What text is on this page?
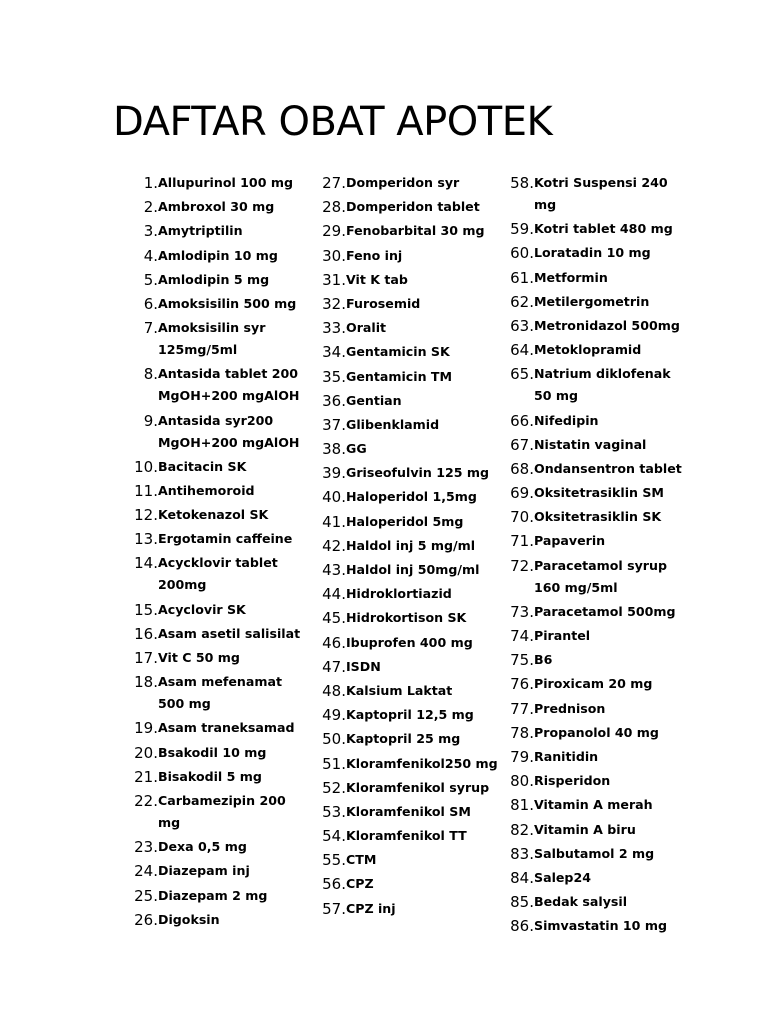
DAFTAR OBAT APOTEK
1. Allupurinol 100 mg
2. Ambroxol 30 mg
3. Amytriptilin
4. Amlodipin 10 mg
5. Amlodipin 5 mg
6. Amoksisilin 500 mg
7. Amoksisilin syr 125mg/5ml
8. Antasida tablet 200 MgOH+200 mgAlOH
9. Antasida syr200 MgOH+200 mgAlOH
10. Bacitacin SK
11. Antihemoroid
12. Ketokenazol SK
13. Ergotamin caffeine
14. Acycklovir tablet 200mg
15. Acyclovir SK
16. Asam asetil salisilat
17. Vit C 50 mg
18. Asam mefenamat 500 mg
19. Asam traneksamad
20. Bsakodil 10 mg
21. Bisakodil 5 mg
22. Carbamezipin 200 mg
23. Dexa 0,5 mg
24. Diazepam inj
25. Diazepam 2 mg
26. Digoksin
27. Domperidon syr
28. Domperidon tablet
29. Fenobarbital 30 mg
30. Feno inj
31. Vit K tab
32. Furosemid
33. Oralit
34. Gentamicin SK
35. Gentamicin TM
36. Gentian
37. Glibenklamid
38. GG
39. Griseofulvin 125 mg
40. Haloperidol 1,5mg
41. Haloperidol 5mg
42. Haldol inj 5 mg/ml
43. Haldol inj 50mg/ml
44. Hidroklortiazid
45. Hidrokortison SK
46. Ibuprofen 400 mg
47. ISDN
48. Kalsium Laktat
49. Kaptopril 12,5 mg
50. Kaptopril 25 mg
51. Kloramfenikol250 mg
52. Kloramfenikol syrup
53. Kloramfenikol SM
54. Kloramfenikol TT
55. CTM
56. CPZ
57. CPZ inj
58. Kotri Suspensi 240 mg
59. Kotri tablet 480 mg
60. Loratadin 10 mg
61. Metformin
62. Metilergometrin
63. Metronidazol 500mg
64. Metoklopramid
65. Natrium diklofenak 50 mg
66. Nifedipin
67. Nistatin vaginal
68. Ondansentron tablet
69. Oksitetrasiklin SM
70. Oksitetrasiklin SK
71. Papaverin
72. Paracetamol syrup 160 mg/5ml
73. Paracetamol 500mg
74. Pirantel
75. B6
76. Piroxicam 20 mg
77. Prednison
78. Propanolol 40 mg
79. Ranitidin
80. Risperidon
81. Vitamin A merah
82. Vitamin A biru
83. Salbutamol 2 mg
84. Salep24
85. Bedak salysil
86. Simvastatin 10 mg
